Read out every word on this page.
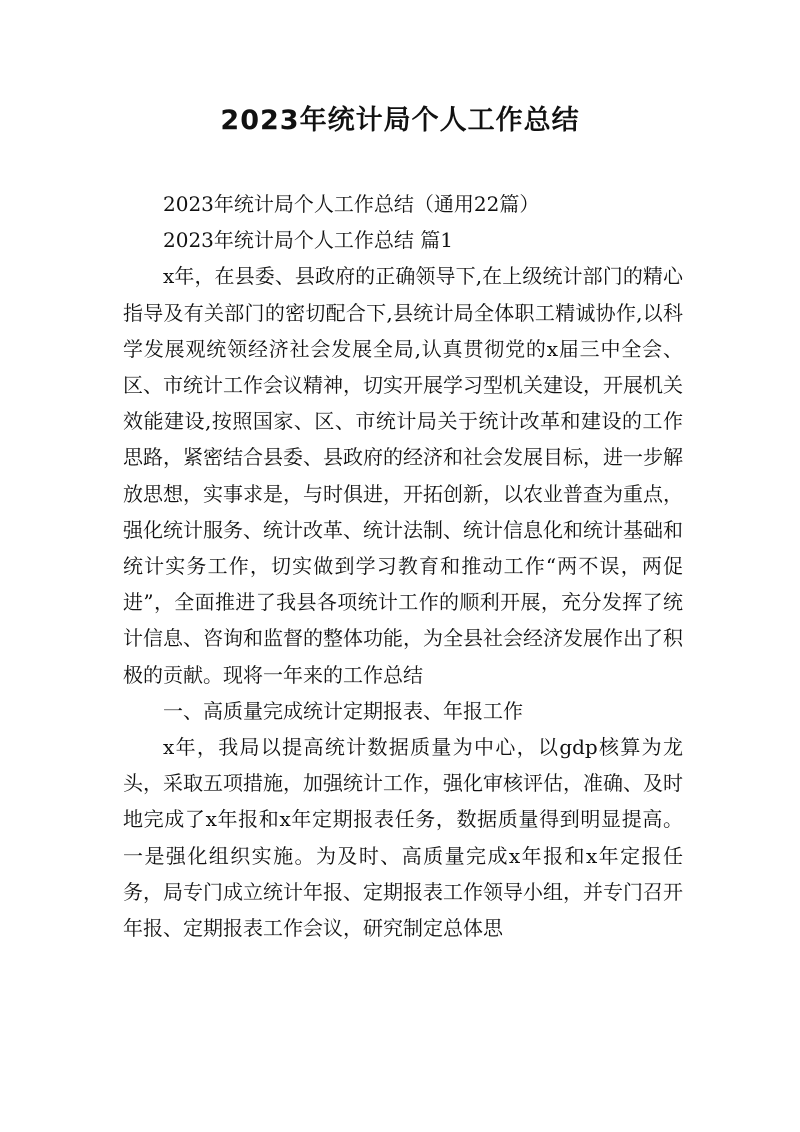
2023年统计局个人工作总结

2023年统计局个人工作总结（通用22篇）

2023年统计局个人工作总结 篇1

x年，在县委、县政府的正确领导下,在上级统计部门的精心指导及有关部门的密切配合下,县统计局全体职工精诚协作,以科学发展观统领经济社会发展全局,认真贯彻党的x届三中全会、区、市统计工作会议精神，切实开展学习型机关建设，开展机关效能建设,按照国家、区、市统计局关于统计改革和建设的工作思路，紧密结合县委、县政府的经济和社会发展目标，进一步解放思想，实事求是，与时俱进，开拓创新，以农业普查为重点，强化统计服务、统计改革、统计法制、统计信息化和统计基础和统计实务工作，切实做到学习教育和推动工作“两不误，两促进”，全面推进了我县各项统计工作的顺利开展，充分发挥了统计信息、咨询和监督的整体功能，为全县社会经济发展作出了积极的贡献。现将一年来的工作总结

一、高质量完成统计定期报表、年报工作

x年，我局以提高统计数据质量为中心，以gdp核算为龙头，采取五项措施，加强统计工作，强化审核评估，准确、及时地完成了x年报和x年定期报表任务，数据质量得到明显提高。一是强化组织实施。为及时、高质量完成x年报和x年定报任务，局专门成立统计年报、定期报表工作领导小组，并专门召开年报、定期报表工作会议，研究制定总体思
